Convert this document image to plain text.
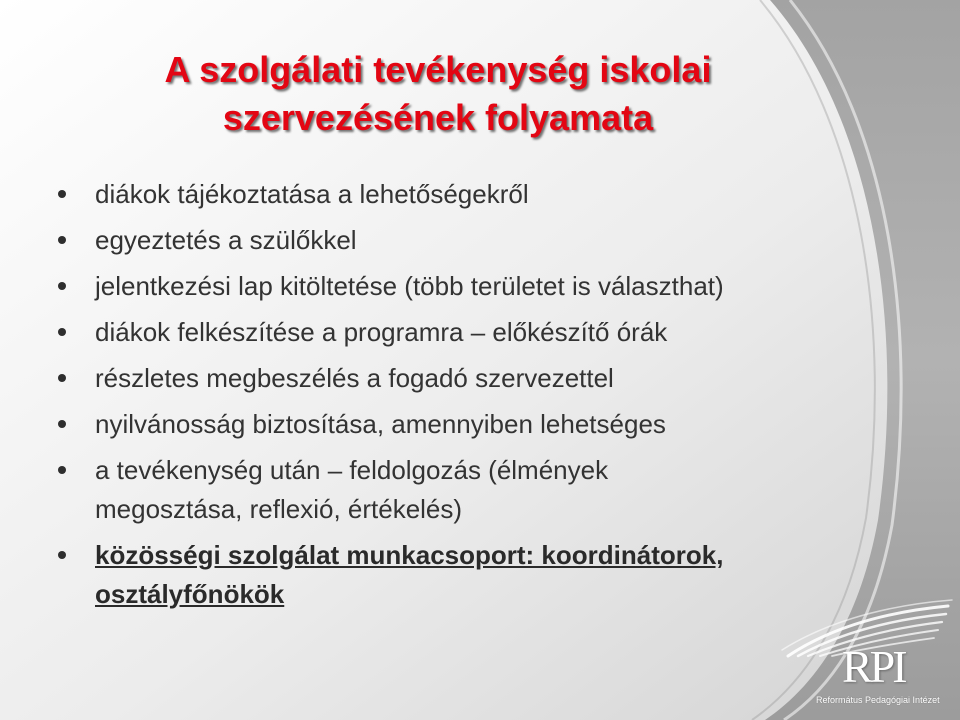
A szolgálati tevékenység iskolai
szervezésének folyamata
diákok tájékoztatása a lehetőségekről
egyeztetés a szülőkkel
jelentkezési lap kitöltetése (több területet is választhat)
diákok felkészítése a programra – előkészítő órák
részletes megbeszélés a fogadó szervezettel
nyilvánosság biztosítása, amennyiben lehetséges
a tevékenység után – feldolgozás (élmények
megosztása, reflexió, értékelés)
közösségi szolgálat munkacsoport: koordinátorok,
osztályfőnökök
RPI
Református Pedagógiai Intézet
